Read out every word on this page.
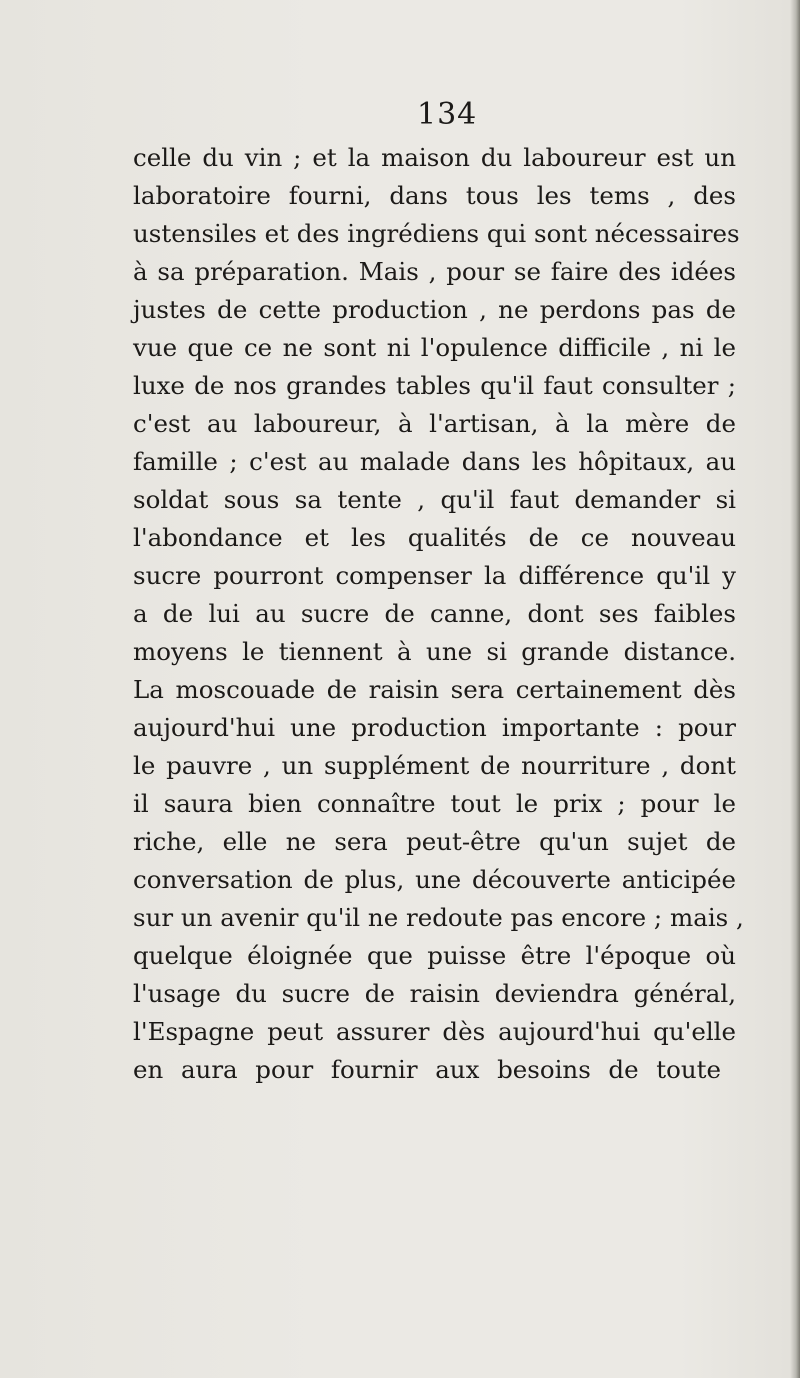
134
celle du vin ; et la maison du laboureur est un
laboratoire fourni, dans tous les tems , des
ustensiles et des ingrédiens qui sont nécessaires
à sa préparation. Mais , pour se faire des idées
justes de cette production , ne perdons pas de
vue que ce ne sont ni l'opulence difficile , ni le
luxe de nos grandes tables qu'il faut consulter ;
c'est au laboureur, à l'artisan, à la mère de
famille ; c'est au malade dans les hôpitaux, au
soldat sous sa tente , qu'il faut demander si
l'abondance et les qualités de ce nouveau
sucre pourront compenser la différence qu'il y
a de lui au sucre de canne, dont ses faibles
moyens le tiennent à une si grande distance.
La moscouade de raisin sera certainement dès
aujourd'hui une production importante : pour
le pauvre , un supplément de nourriture , dont
il saura bien connaître tout le prix ; pour le
riche, elle ne sera peut-être qu'un sujet de
conversation de plus, une découverte anticipée
sur un avenir qu'il ne redoute pas encore ; mais ,
quelque éloignée que puisse être l'époque où
l'usage du sucre de raisin deviendra général,
l'Espagne peut assurer dès aujourd'hui qu'elle
en aura pour fournir aux besoins de toute
